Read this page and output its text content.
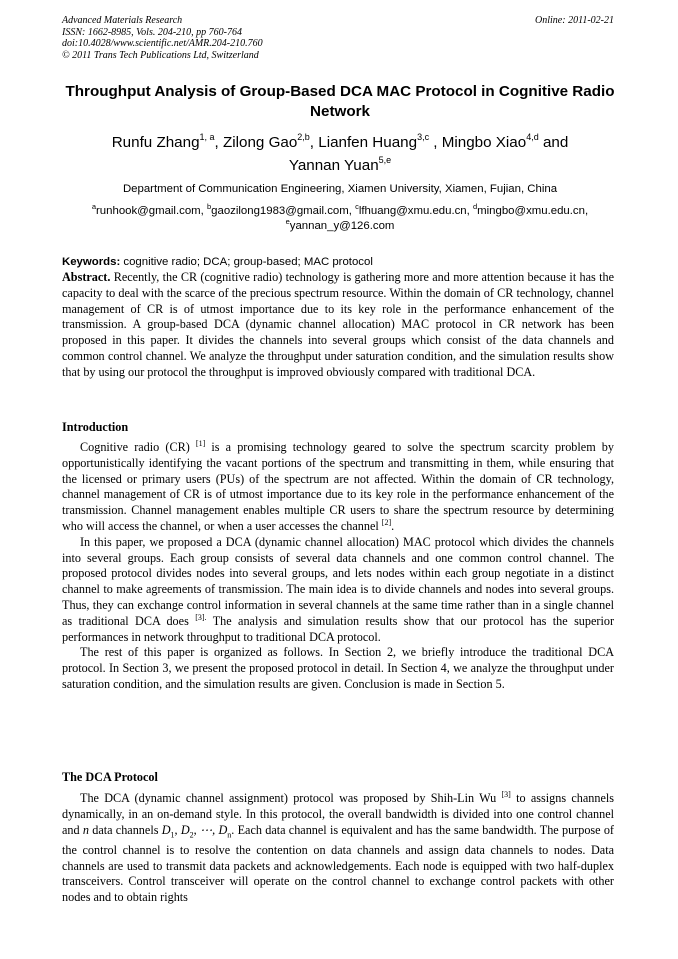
Advanced Materials Research
ISSN: 1662-8985, Vols. 204-210, pp 760-764
doi:10.4028/www.scientific.net/AMR.204-210.760
© 2011 Trans Tech Publications Ltd, Switzerland
Online: 2011-02-21
Throughput Analysis of Group-Based DCA MAC Protocol in Cognitive Radio Network
Runfu Zhang$^{1, a}$, Zilong Gao$^{2,b}$, Lianfen Huang$^{3,c}$ , Mingbo Xiao$^{4,d}$ and
Yannan Yuan$^{5,e}$
Department of Communication Engineering, Xiamen University, Xiamen, Fujian, China
$^a$runhook@gmail.com, $^b$gaozilong1983@gmail.com, $^c$lfhuang@xmu.edu.cn, $^d$mingbo@xmu.edu.cn,
$^e$yannan_y@126.com
Keywords: cognitive radio; DCA; group-based; MAC protocol
Abstract. Recently, the CR (cognitive radio) technology is gathering more and more attention because it has the capacity to deal with the scarce of the precious spectrum resource. Within the domain of CR technology, channel management of CR is of utmost importance due to its key role in the performance enhancement of the transmission. A group-based DCA (dynamic channel allocation) MAC protocol in CR network has been proposed in this paper. It divides the channels into several groups which consist of the data channels and common control channel. We analyze the throughput under saturation condition, and the simulation results show that by using our protocol the throughput is improved obviously compared with traditional DCA.
Introduction

Cognitive radio (CR) [1] is a promising technology geared to solve the spectrum scarcity problem by opportunistically identifying the vacant portions of the spectrum and transmitting in them, while ensuring that the licensed or primary users (PUs) of the spectrum are not affected. Within the domain of CR technology, channel management of CR is of utmost importance due to its key role in the performance enhancement of the transmission. Channel management enables multiple CR users to share the spectrum resource by determining who will access the channel, or when a user accesses the channel [2].

In this paper, we proposed a DCA (dynamic channel allocation) MAC protocol which divides the channels into several groups. Each group consists of several data channels and one common control channel. The proposed protocol divides nodes into several groups, and lets nodes within each group negotiate in a distinct channel to make agreements of transmission. The main idea is to divide channels and nodes into several groups. Thus, they can exchange control information in several channels at the same time rather than in a single channel as traditional DCA does $^{[3].}$ The analysis and simulation results show that our protocol has the superior performances in network throughput to traditional DCA protocol.

The rest of this paper is organized as follows. In Section 2, we briefly introduce the traditional DCA protocol. In Section 3, we present the proposed protocol in detail. In Section 4, we analyze the throughput under saturation condition, and the simulation results are given. Conclusion is made in Section 5.

The DCA Protocol

The DCA (dynamic channel assignment) protocol was proposed by Shih-Lin Wu [3] to assigns channels dynamically, in an on-demand style. In this protocol, the overall bandwidth is divided into one control channel and n data channels $D_1$, $D_2$, ⋯, $D_n$. Each data channel is equivalent and has the same bandwidth. The purpose of the control channel is to resolve the contention on data channels and assign data channels to nodes. Data channels are used to transmit data packets and acknowledgements. Each node is equipped with two half-duplex transceivers. Control transceiver will operate on the control channel to exchange control packets with other nodes and to obtain rights
